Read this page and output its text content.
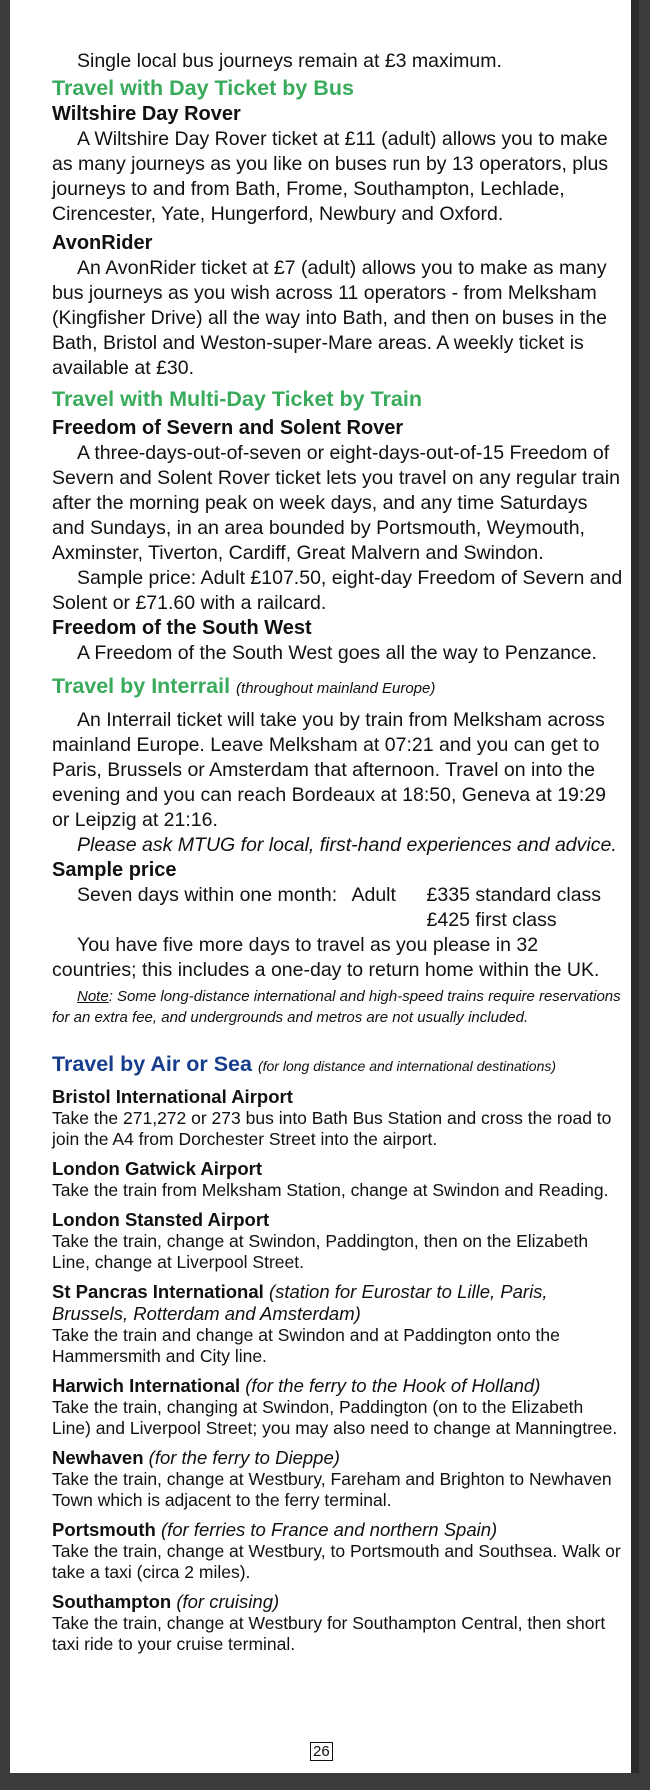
Single local bus journeys remain at £3 maximum.

Travel with Day Ticket by Bus

Wiltshire Day Rover

A Wiltshire Day Rover ticket at £11 (adult) allows you to make as many journeys as you like on buses run by 13 operators, plus journeys to and from Bath, Frome, Southampton, Lechlade, Cirencester, Yate, Hungerford, Newbury and Oxford.

AvonRider

An AvonRider ticket at £7 (adult) allows you to make as many bus journeys as you wish across 11 operators - from Melksham (Kingfisher Drive) all the way into Bath, and then on buses in the Bath, Bristol and Weston-super-Mare areas. A weekly ticket is available at £30.

Travel with Multi-Day Ticket by Train

Freedom of Severn and Solent Rover

A three-days-out-of-seven or eight-days-out-of-15 Freedom of Severn and Solent Rover ticket lets you travel on any regular train after the morning peak on week days, and any time Saturdays and Sundays, in an area bounded by Portsmouth, Weymouth, Axminster, Tiverton, Cardiff, Great Malvern and Swindon.

Sample price: Adult £107.50, eight-day Freedom of Severn and Solent or £71.60 with a railcard.

Freedom of the South West

A Freedom of the South West goes all the way to Penzance.

Travel by Interrail (throughout mainland Europe)

An Interrail ticket will take you by train from Melksham across mainland Europe. Leave Melksham at 07:21 and you can get to Paris, Brussels or Amsterdam that afternoon. Travel on into the evening and you can reach Bordeaux at 18:50, Geneva at 19:29 or Leipzig at 21:16.

Please ask MTUG for local, first-hand experiences and advice.

Sample price

Seven days within one month: Adult	£335 standard class
£425 first class

You have five more days to travel as you please in 32 countries; this includes a one-day to return home within the UK.

Note: Some long-distance international and high-speed trains require reservations for an extra fee, and undergrounds and metros are not usually included.

Travel by Air or Sea (for long distance and international destinations)

Bristol International Airport

Take the 271,272 or 273 bus into Bath Bus Station and cross the road to join the A4 from Dorchester Street into the airport.

London Gatwick Airport

Take the train from Melksham Station, change at Swindon and Reading.

London Stansted Airport

Take the train, change at Swindon, Paddington, then on the Elizabeth Line, change at Liverpool Street.

St Pancras International (station for Eurostar to Lille, Paris, Brussels, Rotterdam and Amsterdam)

Take the train and change at Swindon and at Paddington onto the Hammersmith and City line.

Harwich International (for the ferry to the Hook of Holland)

Take the train, changing at Swindon, Paddington (on to the Elizabeth Line) and Liverpool Street; you may also need to change at Manningtree.

Newhaven (for the ferry to Dieppe)

Take the train, change at Westbury, Fareham and Brighton to Newhaven Town which is adjacent to the ferry terminal.

Portsmouth (for ferries to France and northern Spain)

Take the train, change at Westbury, to Portsmouth and Southsea. Walk or take a taxi (circa 2 miles).

Southampton (for cruising)

Take the train, change at Westbury for Southampton Central, then short taxi ride to your cruise terminal.

26
